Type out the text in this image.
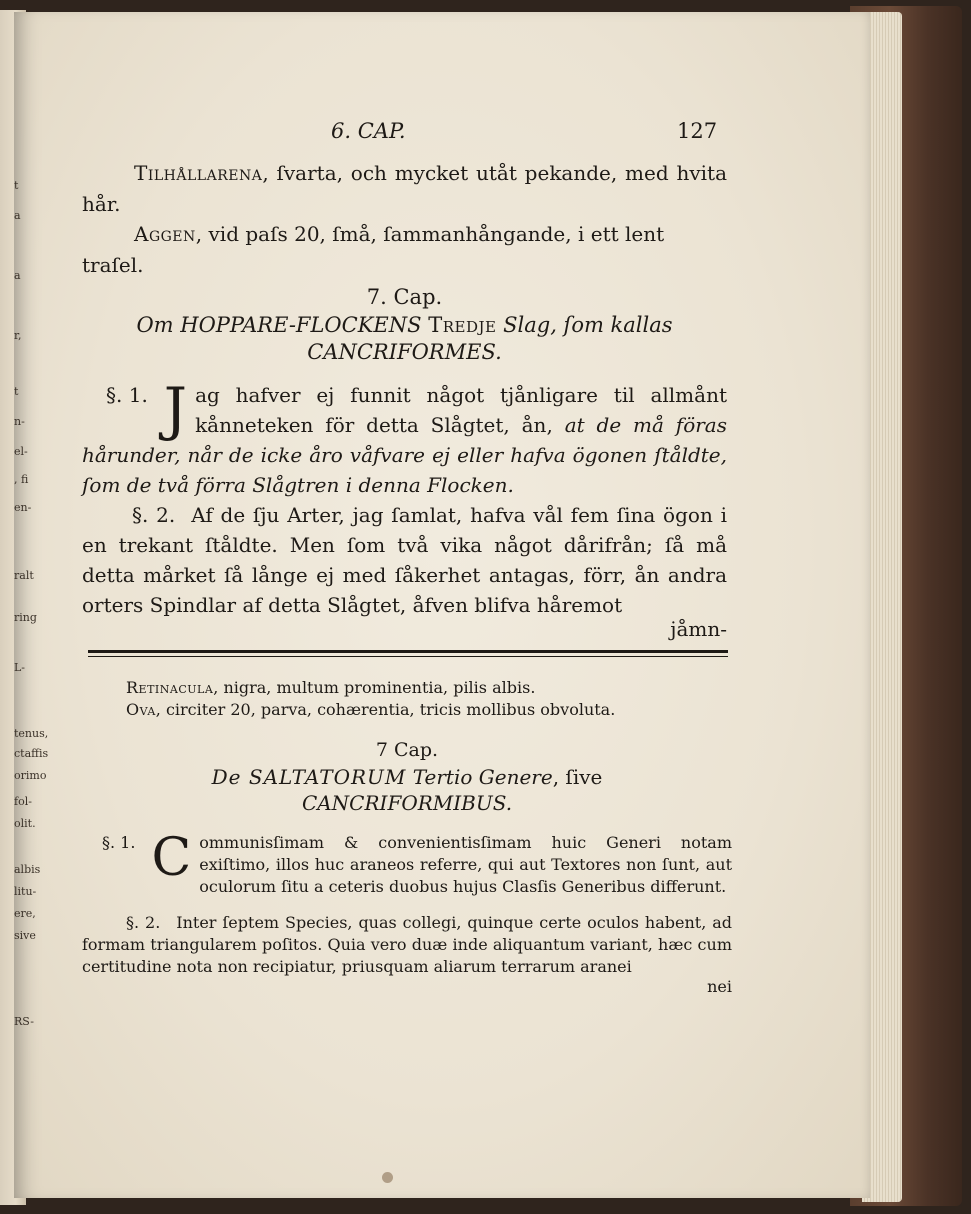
t
a
a
r,
t
n-
el-
, fi
en-
ralt
ring
L-
tenus,
ctaffis
orimo
fol-
olit.
albis
litu-
ere,
sive
RS-
6. CAP.	127
Tilhållarena, ſvarta, och mycket utåt pekande, med hvita hår.
Aggen, vid paſs 20, ſmå, ſammanhångande, i ett lent traſel.
7. Cap.
Om HOPPARE-FLOCKENS Tredje Slag, ſom kallas
CANCRIFORMES.
§. 1. J ag hafver ej funnit något tjånligare til allmånt kånneteken för detta Slågtet, ån, at de må föras hårunder, når de icke åro våfvare ej eller hafva ögonen ſtåldte, ſom de två förra Slågtren i denna Flocken.
§. 2. Af de ſju Arter, jag ſamlat, hafva vål fem ſina ögon i en trekant ſtåldte. Men ſom två vika något dårifrån; ſå må detta mårket ſå långe ej med ſåkerhet antagas, förr, ån andra orters Spindlar af detta Slågtet, åfven blifva håremot
jåmn-
Retinacula, nigra, multum prominentia, pilis albis.
Ova, circiter 20, parva, cohærentia, tricis mollibus obvoluta.
7 Cap.
De SALTATORUM Tertio Genere, ſive
CANCRIFORMIBUS.
§. 1. C ommunisſimam & convenientisſimam huic Generi notam exiſtimo, illos huc araneos referre, qui aut Textores non ſunt, aut oculorum ſitu a ceteris duobus hujus Clasſis Generibus differunt.
§. 2. Inter ſeptem Species, quas collegi, quinque certe oculos habent, ad formam triangularem poſitos. Quia vero duæ inde aliquantum variant, hæc cum certitudine nota non recipiatur, priusquam aliarum terrarum aranei
nei
